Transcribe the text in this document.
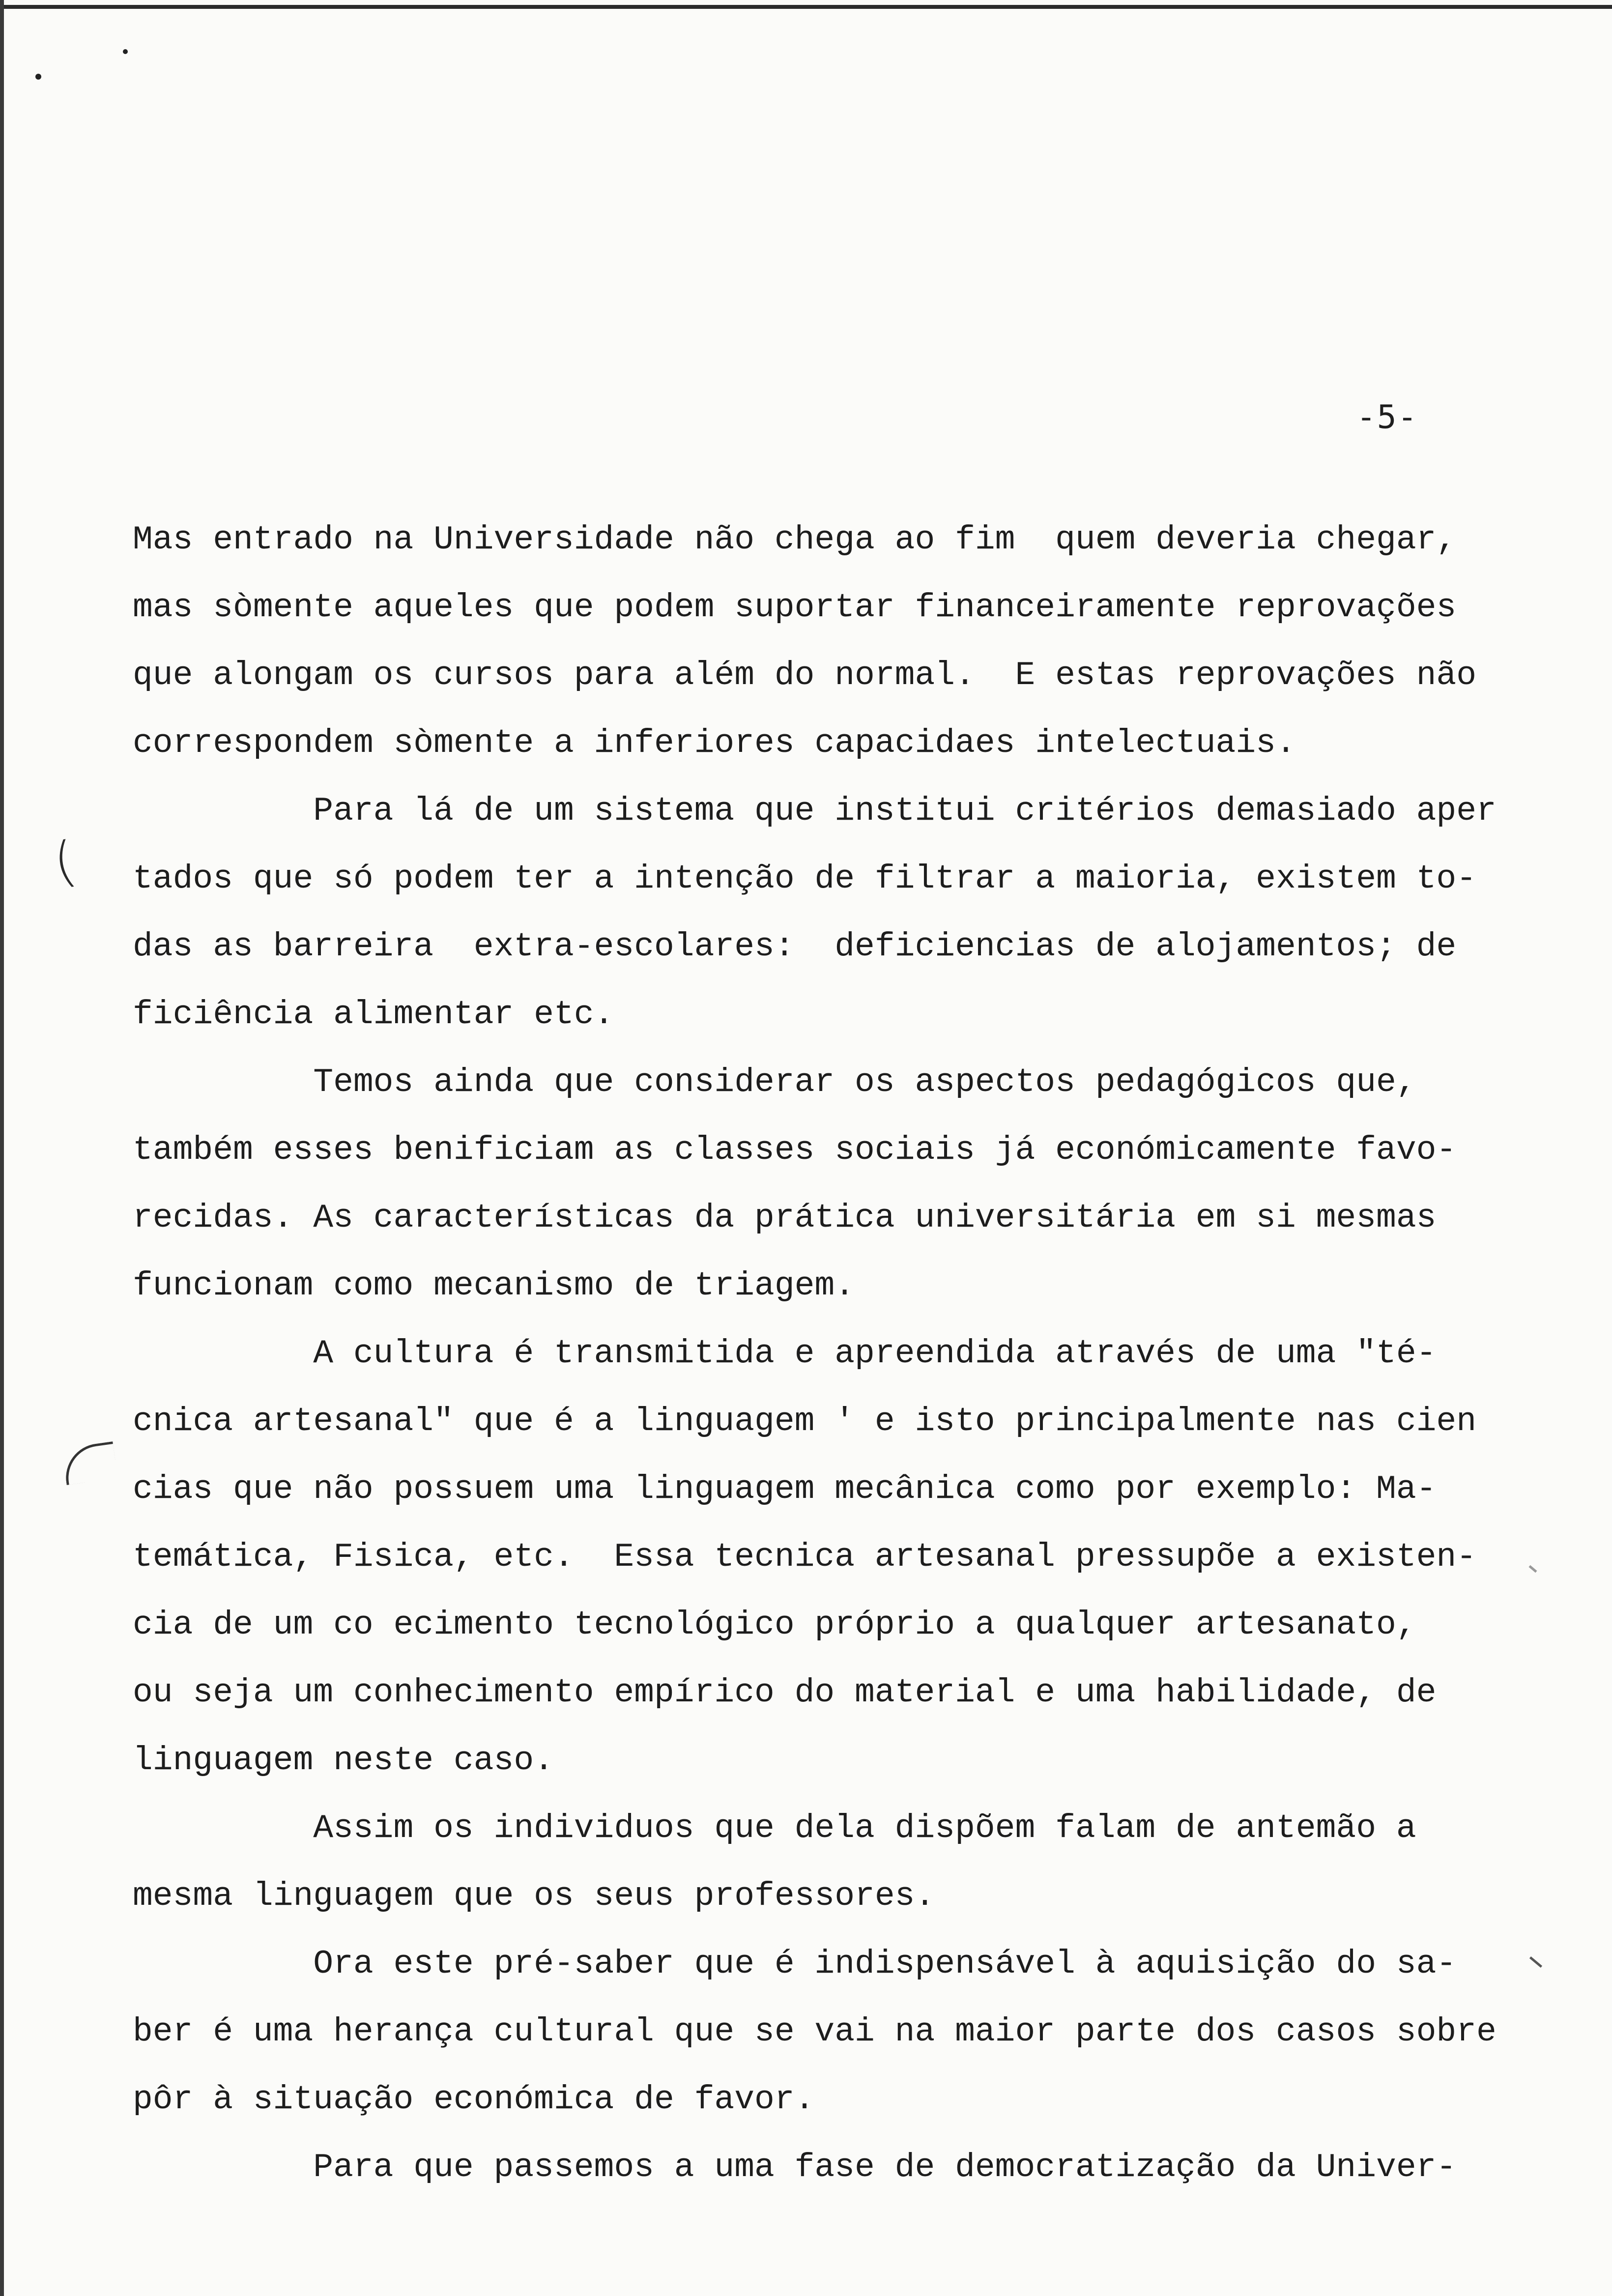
-5-
(
Mas entrado na Universidade não chega ao fim  quem deveria chegar,
mas sòmente aqueles que podem suportar financeiramente reprovações
que alongam os cursos para além do normal.  E estas reprovações não
correspondem sòmente a inferiores capacidaes intelectuais.
Para lá de um sistema que institui critérios demasiado aper
tados que só podem ter a intenção de filtrar a maioria, existem to-
das as barreira  extra-escolares:  deficiencias de alojamentos; de
ficiência alimentar etc.
Temos ainda que considerar os aspectos pedagógicos que,
também esses benificiam as classes sociais já económicamente favo-
recidas. As características da prática universitária em si mesmas
funcionam como mecanismo de triagem.
A cultura é transmitida e apreendida através de uma "té-
cnica artesanal" que é a linguagem ' e isto principalmente nas cien
cias que não possuem uma linguagem mecânica como por exemplo: Ma-
temática, Fisica, etc.  Essa tecnica artesanal pressupõe a existen-
cia de um co ecimento tecnológico próprio a qualquer artesanato,
ou seja um conhecimento empírico do material e uma habilidade, de
linguagem neste caso.
Assim os individuos que dela dispõem falam de antemão a
mesma linguagem que os seus professores.
Ora este pré-saber que é indispensável à aquisição do sa-
ber é uma herança cultural que se vai na maior parte dos casos sobre
pôr à situação económica de favor.
Para que passemos a uma fase de democratização da Univer-
